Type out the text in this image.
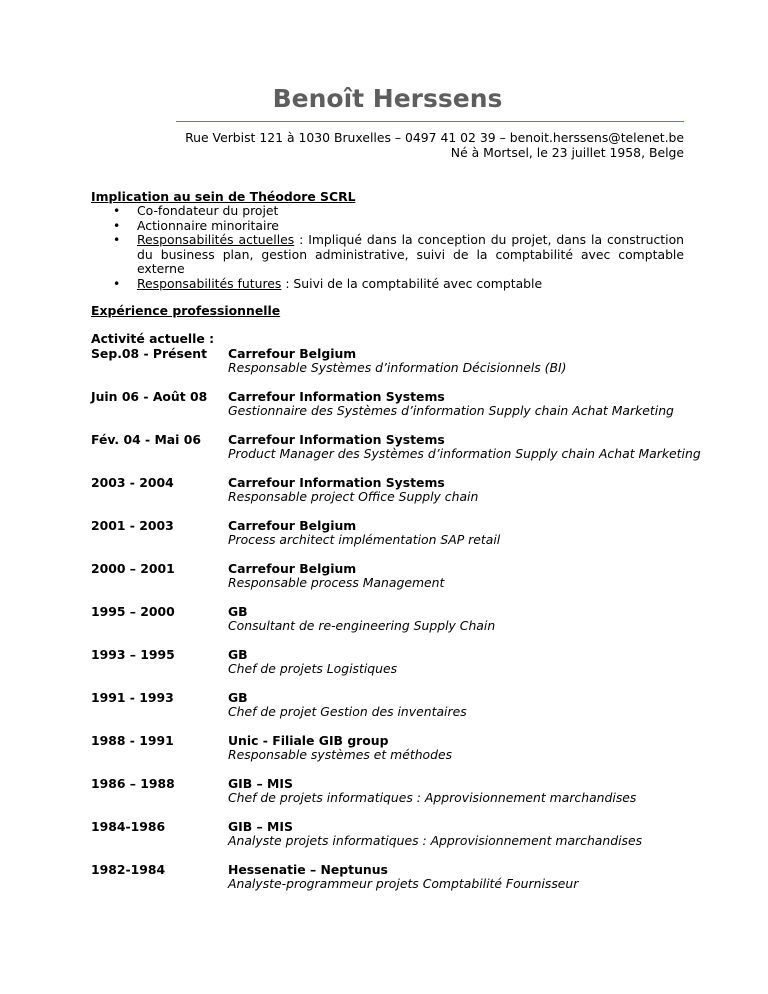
Benoît Herssens
Rue Verbist 121 à 1030 Bruxelles – 0497 41 02 39 – benoit.herssens@telenet.be
Né à Mortsel, le 23 juillet 1958, Belge
Implication au sein de Théodore SCRL
• Co-fondateur du projet
• Actionnaire minoritaire
• Responsabilités actuelles : Impliqué dans la conception du projet, dans la construction du business plan, gestion administrative, suivi de la comptabilité avec comptable externe
• Responsabilités futures : Suivi de la comptabilité avec comptable
Expérience professionnelle
Activité actuelle :
Sep.08 - Présent	Carrefour Belgium
Responsable Systèmes d’information Décisionnels (BI)
Juin 06 - Août 08 Carrefour Information Systems
Gestionnaire des Systèmes d’information Supply chain Achat Marketing
Fév. 04 - Mai 06 Carrefour Information Systems
Product Manager des Systèmes d’information Supply chain Achat Marketing
2003 - 2004	Carrefour Information Systems
Responsable project Office Supply chain
2001 - 2003	Carrefour Belgium
Process architect implémentation SAP retail
2000 – 2001	Carrefour Belgium
Responsable process Management
1995 – 2000	GB
Consultant de re-engineering Supply Chain
1993 – 1995	GB
Chef de projets Logistiques
1991 - 1993	GB
Chef de projet Gestion des inventaires
1988 - 1991	Unic - Filiale GIB group
Responsable systèmes et méthodes
1986 – 1988	GIB – MIS
Chef de projets informatiques : Approvisionnement marchandises
1984-1986	GIB – MIS
Analyste projets informatiques : Approvisionnement marchandises
1982-1984	Hessenatie – Neptunus
Analyste-programmeur projets Comptabilité Fournisseur
